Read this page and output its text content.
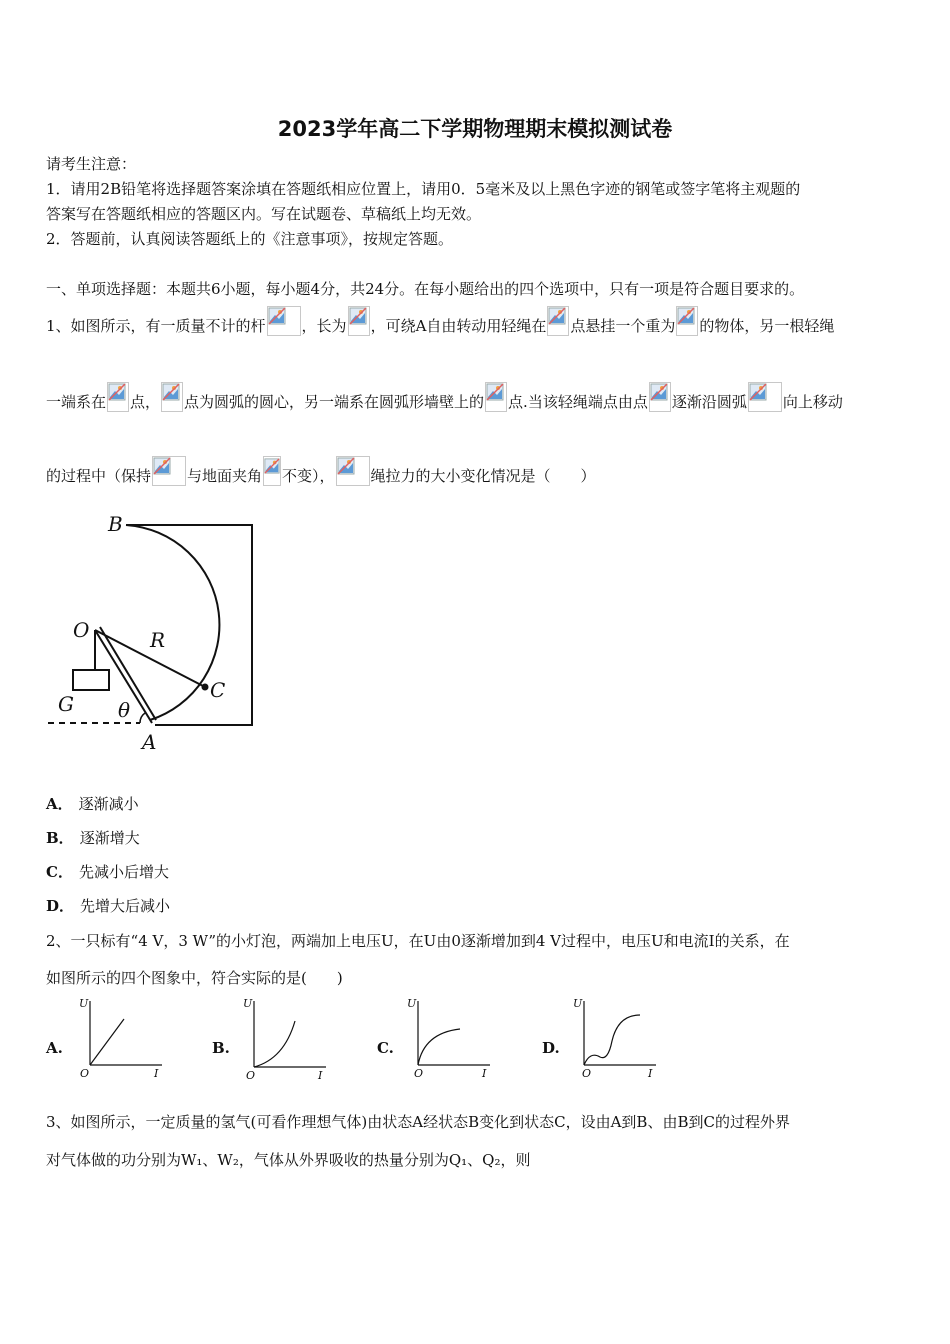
2023学年高二下学期物理期末模拟测试卷
请考生注意：
1．请用2B铅笔将选择题答案涂填在答题纸相应位置上，请用0．5毫米及以上黑色字迹的钢笔或签字笔将主观题的
答案写在答题纸相应的答题区内。写在试题卷、草稿纸上均无效。
2．答题前，认真阅读答题纸上的《注意事项》，按规定答题。
一、单项选择题：本题共6小题，每小题4分，共24分。在每小题给出的四个选项中，只有一项是符合题目要求的。
1、如图所示，有一质量不计的杆 ，长为 ，可绕A自由转动用轻绳在 点悬挂一个重为 的物体，另一根轻绳
一端系在 点， 点为圆弧的圆心，另一端系在圆弧形墙壁上的 点.当该轻绳端点由点 逐渐沿圆弧 向上移动
的过程中（保持 与地面夹角 不变）， 绳拉力的大小变化情况是（　　）
B
O	R
C
G θ
A
A． 逐渐减小
B． 逐渐增大
C． 先减小后增大
D． 先增大后减小
2、一只标有“4 V，3 W”的小灯泡，两端加上电压U，在U由0逐渐增加到4 V过程中，电压U和电流I的关系，在
如图所示的四个图象中，符合实际的是(　　)
A.
U
O	I
B.
U
O	I
C.
U
O	I
D.
U
O	I
3、如图所示，一定质量的氢气(可看作理想气体)由状态A经状态B变化到状态C，设由A到B、由B到C的过程外界
对气体做的功分别为W₁、W₂，气体从外界吸收的热量分别为Q₁、Q₂，则
